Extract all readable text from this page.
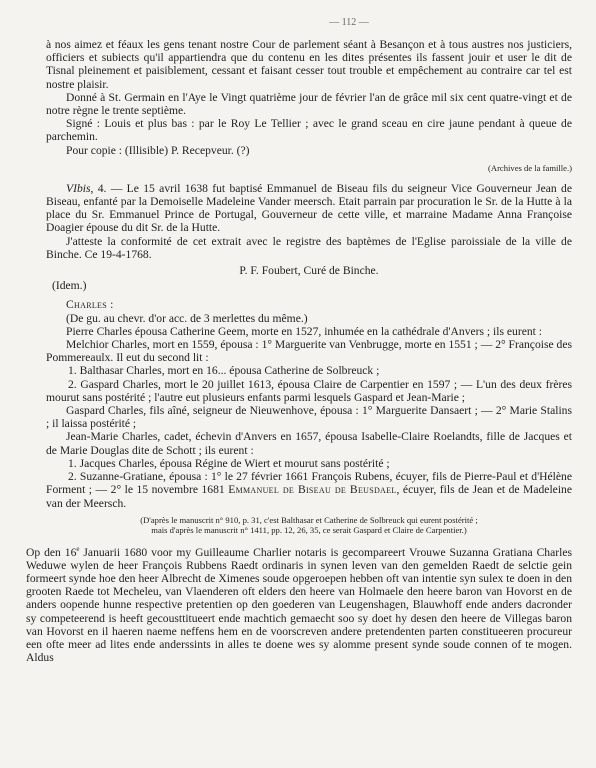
— 112 —

à nos aimez et féaux les gens tenant nostre Cour de parlement séant à Besançon et à tous austres nos justiciers, officiers et subiects qu'il appartiendra que du contenu en les dites présentes ils fassent jouir et user le dit de Tisnal pleinement et paisiblement, cessant et faisant cesser tout trouble et empêchement au contraire car tel est nostre plaisir.

Donné à St. Germain en l'Aye le Vingt quatrième jour de février l'an de grâce mil six cent quatre-vingt et de notre règne le trente septième.

Signé : Louis et plus bas : par le Roy Le Tellier ; avec le grand sceau en cire jaune pendant à queue de parchemin.

Pour copie : (Illisible) P. Recepveur. (?)

(Archives de la famille.)

VIbis, 4. — Le 15 avril 1638 fut baptisé Emmanuel de Biseau fils du seigneur Vice Gouverneur Jean de Biseau, enfanté par la Demoiselle Madeleine Vander meersch. Etait parrain par procuration le Sr. de la Hutte à la place du Sr. Emmanuel Prince de Portugal, Gouverneur de cette ville, et marraine Madame Anna Françoise Doagier épouse du dit Sr. de la Hutte.

J'atteste la conformité de cet extrait avec le registre des baptèmes de l'Eglise paroissiale de la ville de Binche. Ce 19-4-1768.

P. F. Foubert, Curé de Binche.

(Idem.)

Charles :

(De gu. au chevr. d'or acc. de 3 merlettes du même.)

Pierre Charles épousa Catherine Geem, morte en 1527, inhumée en la cathédrale d'Anvers ; ils eurent :

Melchior Charles, mort en 1559, épousa : 1° Marguerite van Venbrugge, morte en 1551 ; — 2° Françoise des Pommereaulx. Il eut du second lit :

1. Balthasar Charles, mort en 16... épousa Catherine de Solbreuck ;

2. Gaspard Charles, mort le 20 juillet 1613, épousa Claire de Carpentier en 1597 ; — L'un des deux frères mourut sans postérité ; l'autre eut plusieurs enfants parmi lesquels Gaspard et Jean-Marie ;

Gaspard Charles, fils aîné, seigneur de Nieuwenhove, épousa : 1° Marguerite Dansaert ; — 2° Marie Stalins ; il laissa postérité ;

Jean-Marie Charles, cadet, échevin d'Anvers en 1657, épousa Isabelle-Claire Roelandts, fille de Jacques et de Marie Douglas dite de Schott ; ils eurent :

1. Jacques Charles, épousa Régine de Wiert et mourut sans postérité ;

2. Suzanne-Gratiane, épousa : 1° le 27 février 1661 François Rubens, écuyer, fils de Pierre-Paul et d'Hélène Forment ; — 2° le 15 novembre 1681 Emmanuel de Biseau de Beusdael, écuyer, fils de Jean et de Madeleine van der Meersch.

(D'après le manuscrit n° 910, p. 31, c'est Balthasar et Catherine de Solbreuck qui eurent postérité ;
mais d'après le manuscrit n° 1411, pp. 12, 26, 35, ce serait Gaspard et Claire de Carpentier.)

Op den 16e Januarii 1680 voor my Guilleaume Charlier notaris is gecompareert Vrouwe Suzanna Gratiana Charles Weduwe wylen de heer François Rubbens Raedt ordinaris in synen leven van den gemelden Raedt de selctie gein formeert synde hoe den heer Albrecht de Ximenes soude opgeroepen hebben oft van intentie syn sulex te doen in den grooten Raede tot Mecheleu, van Vlaenderen oft elders den heere van Holmaele den heere baron van Hovorst en de anders oopende hunne respective pretentien op den goederen van Leugenshagen, Blauwhoff ende anders dacronder sy competeerend is heeft gecousttitueert ende machtich gemaecht soo sy doet hy desen den heere de Villegas baron van Hovorst en il haeren naeme neffens hem en de voorscreven andere pretendenten parten constitueeren procureur een ofte meer ad lites ende anderssints in alles te doene wes sy alomme present synde soude connen of te mogen. Aldus
